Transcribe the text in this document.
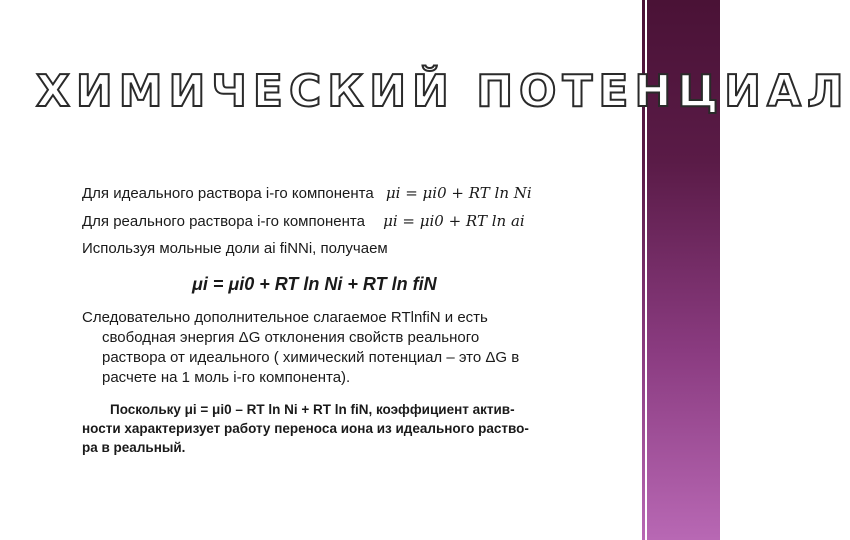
ХИМИЧЕСКИЙ ПОТЕНЦИАЛ
Для идеального раствора i-го компонента μi = μi0 + RT ln Ni
Для реального раствора i-го компонента μi = μi0 + RT ln ai
Используя мольные доли ai fiNNi, получаем
μi = μi0 + RT ln Ni + RT ln fiN
Следовательно дополнительное слагаемое RTlnfiN и есть
свободная энергия ΔG отклонения свойств реального
раствора от идеального ( химический потенциал – это ΔG в
расчете на 1 моль i-го компонента).
Поскольку μi = μi0 – RT ln Ni + RT ln fiN, коэффициент актив-
ности характеризует работу переноса иона из идеального раство-
ра в реальный.
